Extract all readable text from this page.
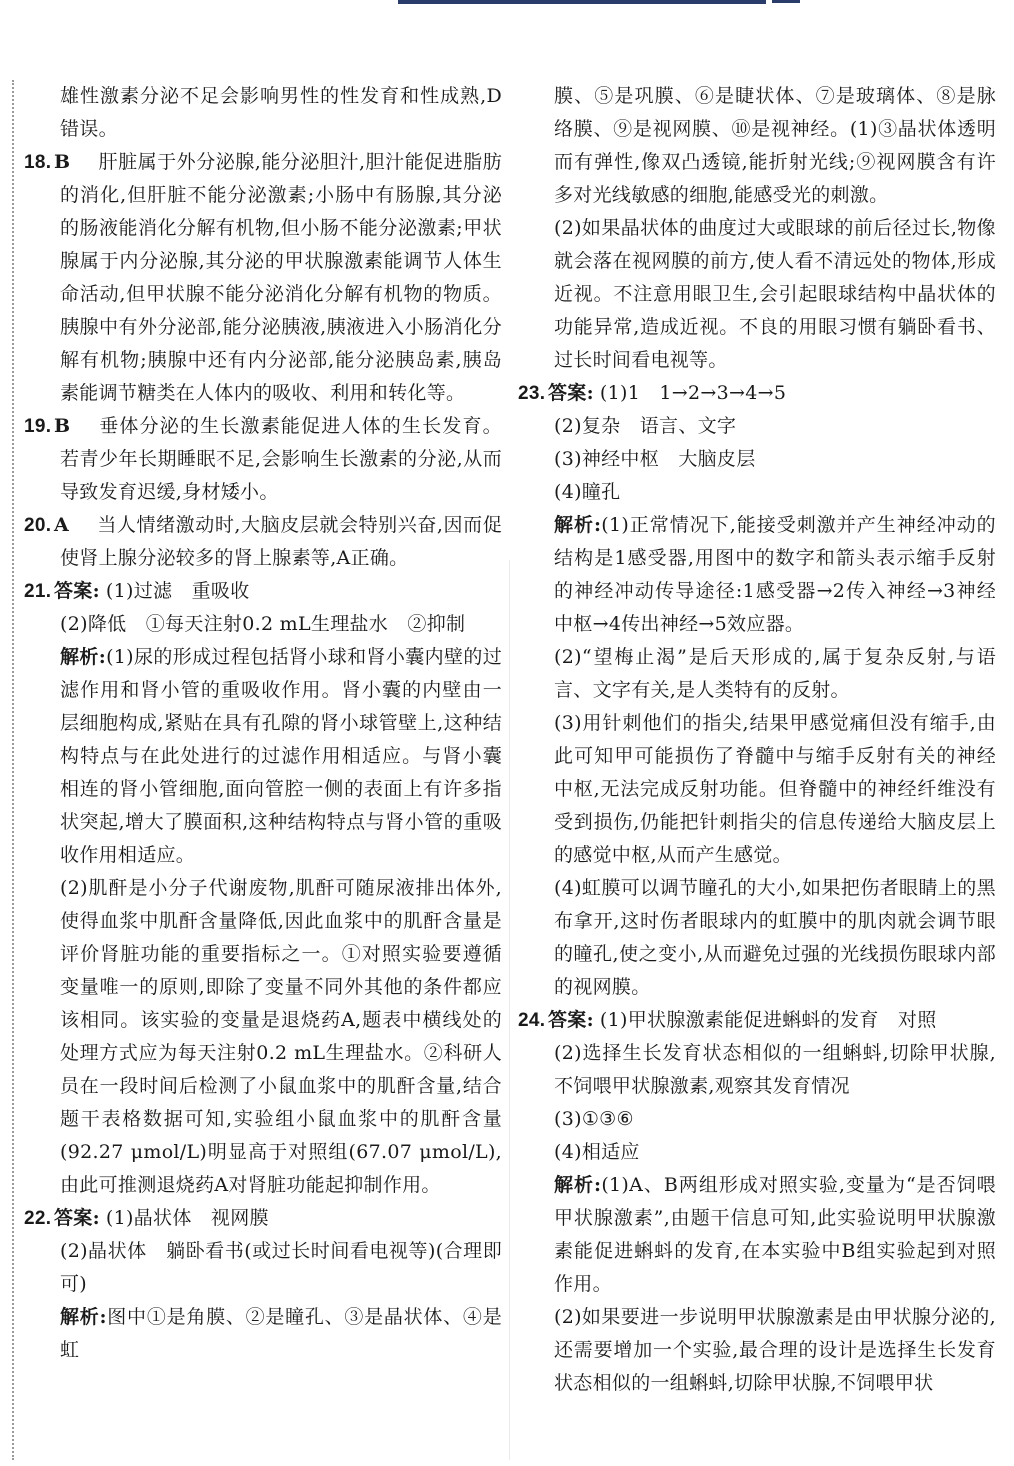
雄性激素分泌不足会影响男性的性发育和性成熟,D错误。

18. B 肝脏属于外分泌腺,能分泌胆汁,胆汁能促进脂肪的消化,但肝脏不能分泌激素;小肠中有肠腺,其分泌的肠液能消化分解有机物,但小肠不能分泌激素;甲状腺属于内分泌腺,其分泌的甲状腺激素能调节人体生命活动,但甲状腺不能分泌消化分解有机物的物质。胰腺中有外分泌部,能分泌胰液,胰液进入小肠消化分解有机物;胰腺中还有内分泌部,能分泌胰岛素,胰岛素能调节糖类在人体内的吸收、利用和转化等。

19. B 垂体分泌的生长激素能促进人体的生长发育。若青少年长期睡眠不足,会影响生长激素的分泌,从而导致发育迟缓,身材矮小。

20. A 当人情绪激动时,大脑皮层就会特别兴奋,因而促使肾上腺分泌较多的肾上腺素等,A正确。

21. 答案: (1)过滤　重吸收

(2)降低　①每天注射0.2 mL生理盐水　②抑制

解析:(1)尿的形成过程包括肾小球和肾小囊内壁的过滤作用和肾小管的重吸收作用。肾小囊的内壁由一层细胞构成,紧贴在具有孔隙的肾小球管壁上,这种结构特点与在此处进行的过滤作用相适应。与肾小囊相连的肾小管细胞,面向管腔一侧的表面上有许多指状突起,增大了膜面积,这种结构特点与肾小管的重吸收作用相适应。

(2)肌酐是小分子代谢废物,肌酐可随尿液排出体外,使得血浆中肌酐含量降低,因此血浆中的肌酐含量是评价肾脏功能的重要指标之一。①对照实验要遵循变量唯一的原则,即除了变量不同外其他的条件都应该相同。该实验的变量是退烧药A,题表中横线处的处理方式应为每天注射0.2 mL生理盐水。②科研人员在一段时间后检测了小鼠血浆中的肌酐含量,结合题干表格数据可知,实验组小鼠血浆中的肌酐含量(92.27 μmol/L)明显高于对照组(67.07 μmol/L),由此可推测退烧药A对肾脏功能起抑制作用。

22. 答案: (1)晶状体　视网膜

(2)晶状体　躺卧看书(或过长时间看电视等)(合理即可)

解析:图中①是角膜、②是瞳孔、③是晶状体、④是虹

膜、⑤是巩膜、⑥是睫状体、⑦是玻璃体、⑧是脉络膜、⑨是视网膜、⑩是视神经。(1)③晶状体透明而有弹性,像双凸透镜,能折射光线;⑨视网膜含有许多对光线敏感的细胞,能感受光的刺激。

(2)如果晶状体的曲度过大或眼球的前后径过长,物像就会落在视网膜的前方,使人看不清远处的物体,形成近视。不注意用眼卫生,会引起眼球结构中晶状体的功能异常,造成近视。不良的用眼习惯有躺卧看书、过长时间看电视等。

23. 答案: (1)1　1→2→3→4→5

(2)复杂　语言、文字

(3)神经中枢　大脑皮层

(4)瞳孔

解析:(1)正常情况下,能接受刺激并产生神经冲动的结构是1感受器,用图中的数字和箭头表示缩手反射的神经冲动传导途径:1感受器→2传入神经→3神经中枢→4传出神经→5效应器。

(2)“望梅止渴”是后天形成的,属于复杂反射,与语言、文字有关,是人类特有的反射。

(3)用针刺他们的指尖,结果甲感觉痛但没有缩手,由此可知甲可能损伤了脊髓中与缩手反射有关的神经中枢,无法完成反射功能。但脊髓中的神经纤维没有受到损伤,仍能把针刺指尖的信息传递给大脑皮层上的感觉中枢,从而产生感觉。

(4)虹膜可以调节瞳孔的大小,如果把伤者眼睛上的黑布拿开,这时伤者眼球内的虹膜中的肌肉就会调节眼的瞳孔,使之变小,从而避免过强的光线损伤眼球内部的视网膜。

24. 答案: (1)甲状腺激素能促进蝌蚪的发育　对照

(2)选择生长发育状态相似的一组蝌蚪,切除甲状腺,不饲喂甲状腺激素,观察其发育情况

(3)①③⑥

(4)相适应

解析:(1)A、B两组形成对照实验,变量为“是否饲喂甲状腺激素”,由题干信息可知,此实验说明甲状腺激素能促进蝌蚪的发育,在本实验中B组实验起到对照作用。

(2)如果要进一步说明甲状腺激素是由甲状腺分泌的,还需要增加一个实验,最合理的设计是选择生长发育状态相似的一组蝌蚪,切除甲状腺,不饲喂甲状
